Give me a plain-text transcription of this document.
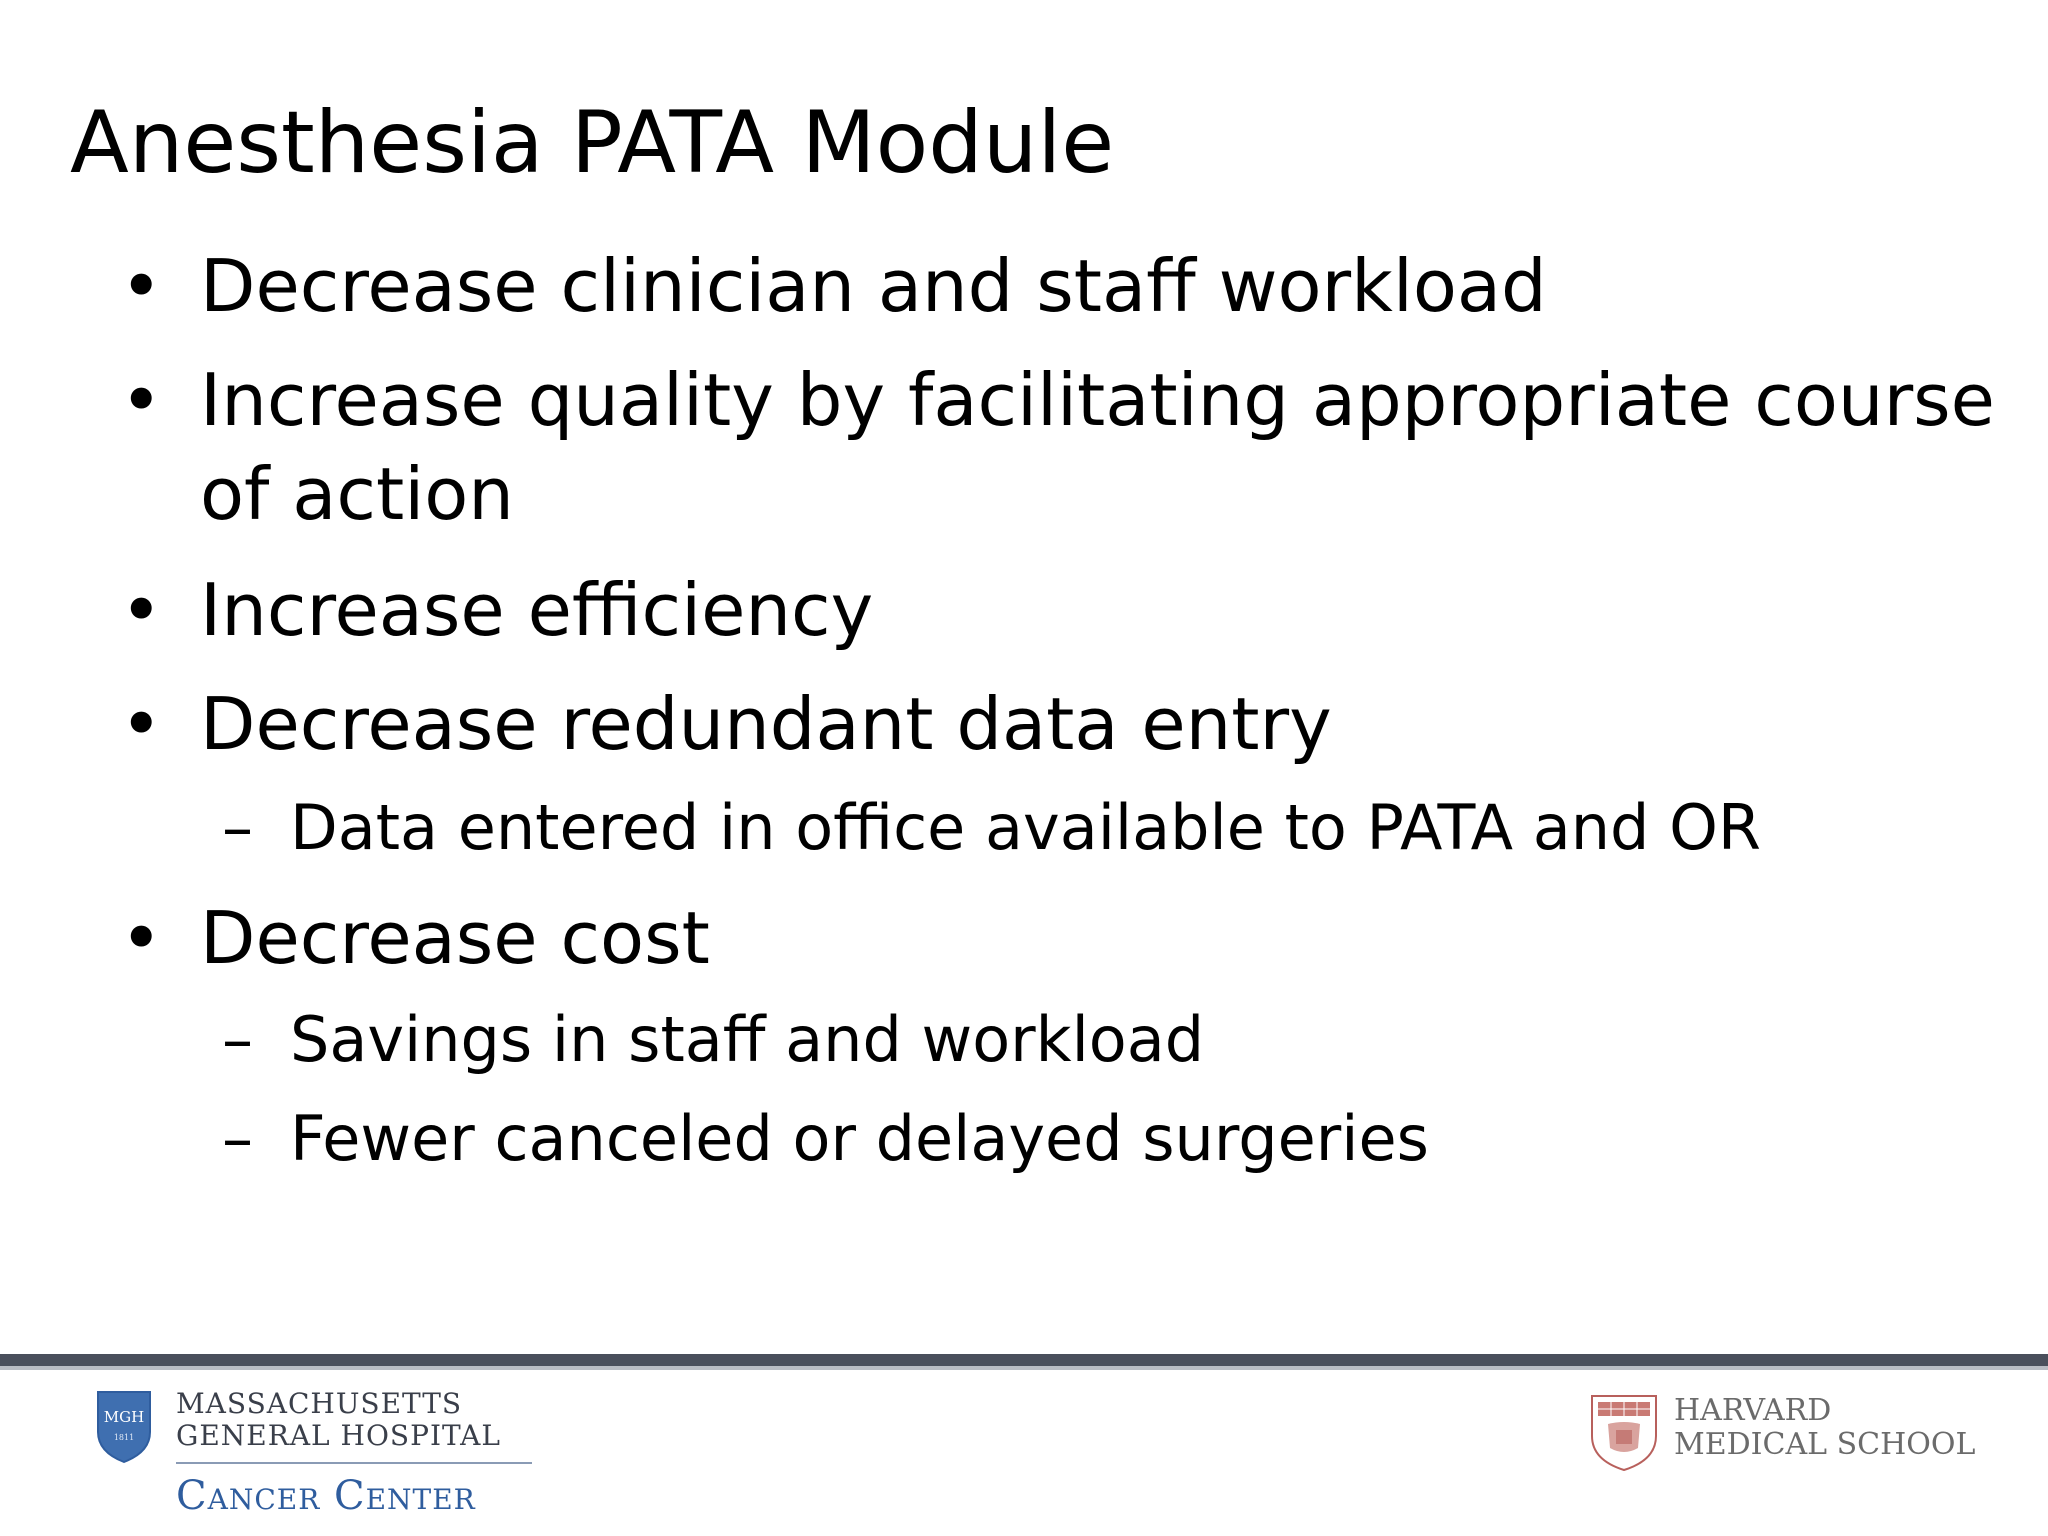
Anesthesia PATA Module
• Decrease clinician and staff workload
• Increase quality by facilitating appropriate course
of action
• Increase efficiency
• Decrease redundant data entry
– Data entered in office available to PATA and OR
• Decrease cost
– Savings in staff and workload
– Fewer canceled or delayed surgeries
MGH
1811
MASSACHUSETTS
GENERAL HOSPITAL
Cancer Center
HARVARD
MEDICAL SCHOOL
